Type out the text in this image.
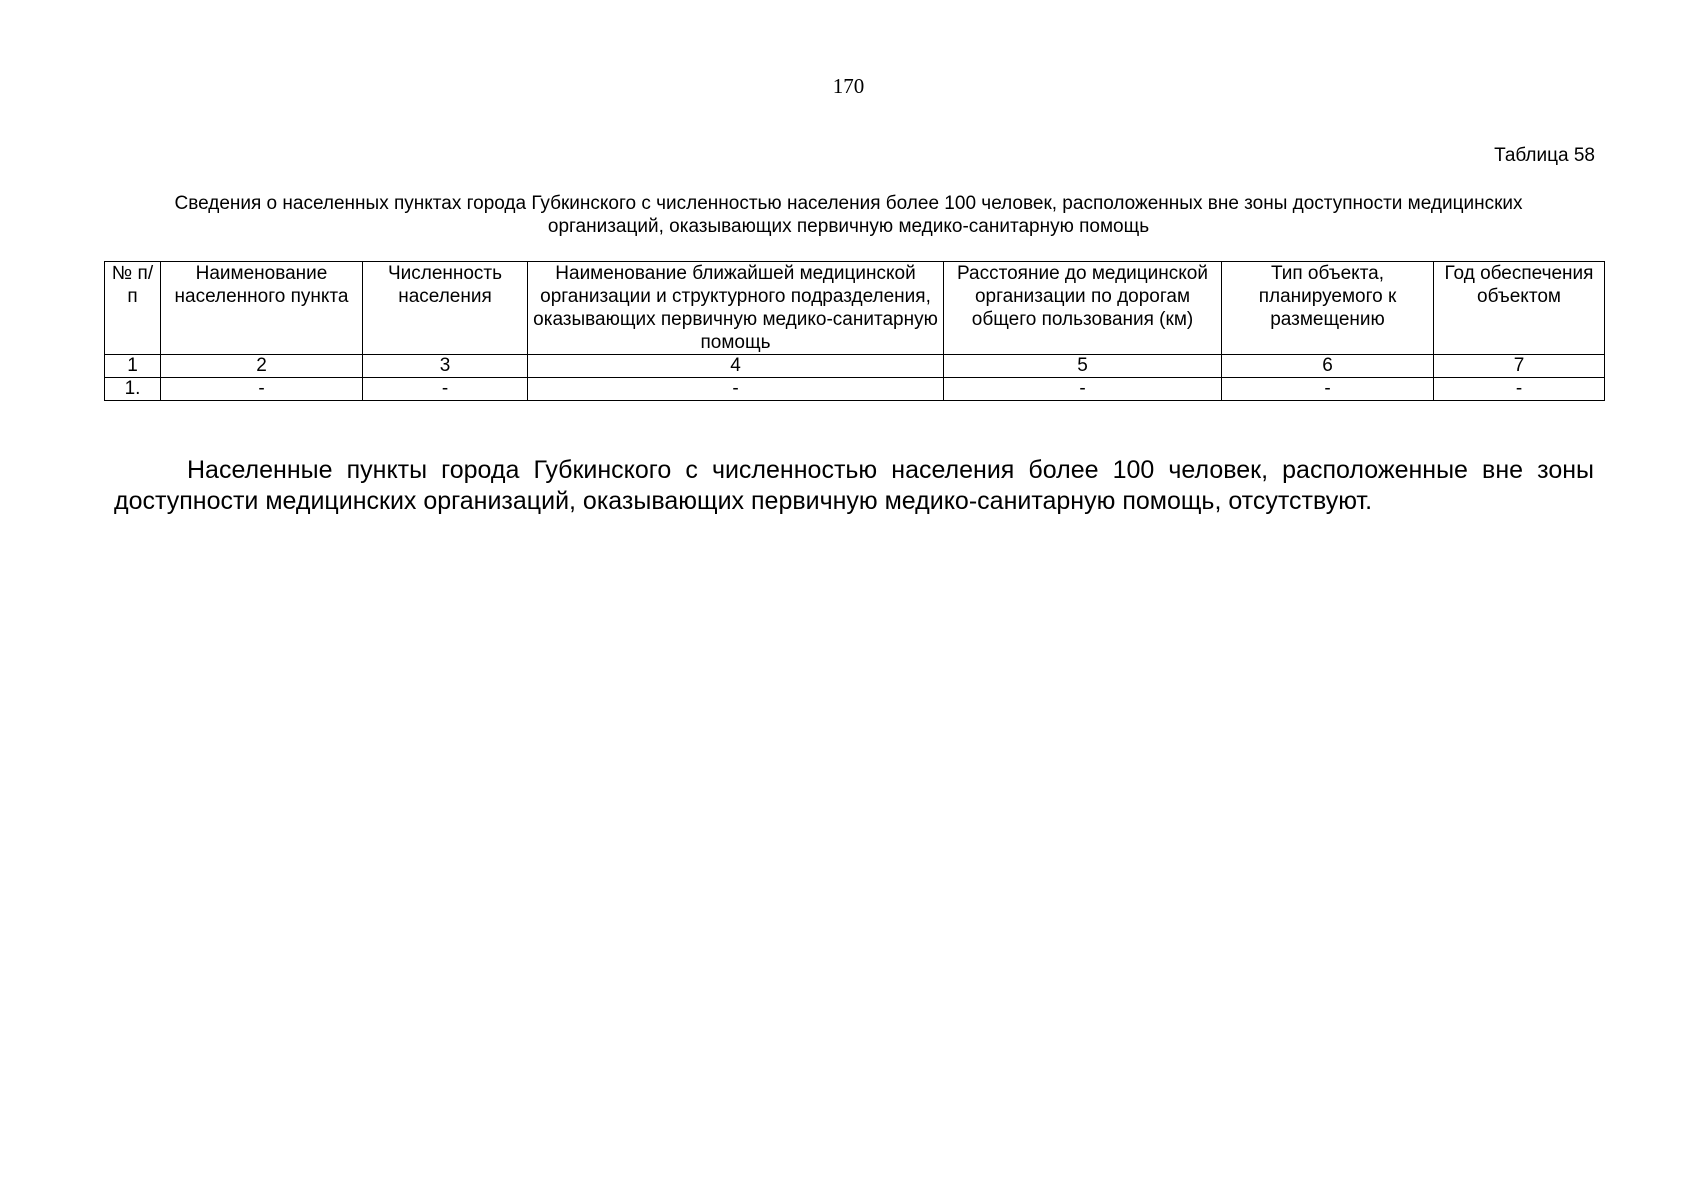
170
Таблица 58
Сведения о населенных пунктах города Губкинского с численностью населения более 100 человек, расположенных вне зоны доступности медицинских организаций, оказывающих первичную медико-санитарную помощь
№ п/п	Наименование населенного пункта	Численность населения	Наименование ближайшей медицинской организации и структурного подразделения, оказывающих первичную медико-санитарную помощь	Расстояние до медицинской организации по дорогам общего пользования (км)	Тип объекта, планируемого к размещению	Год обеспечения объектом
1	2	3	4	5	6	7
1.	-	-	-	-	-	-

Населенные пункты города Губкинского с численностью населения более 100 человек, расположенные вне зоны доступности медицинских организаций, оказывающих первичную медико-санитарную помощь, отсутствуют.
